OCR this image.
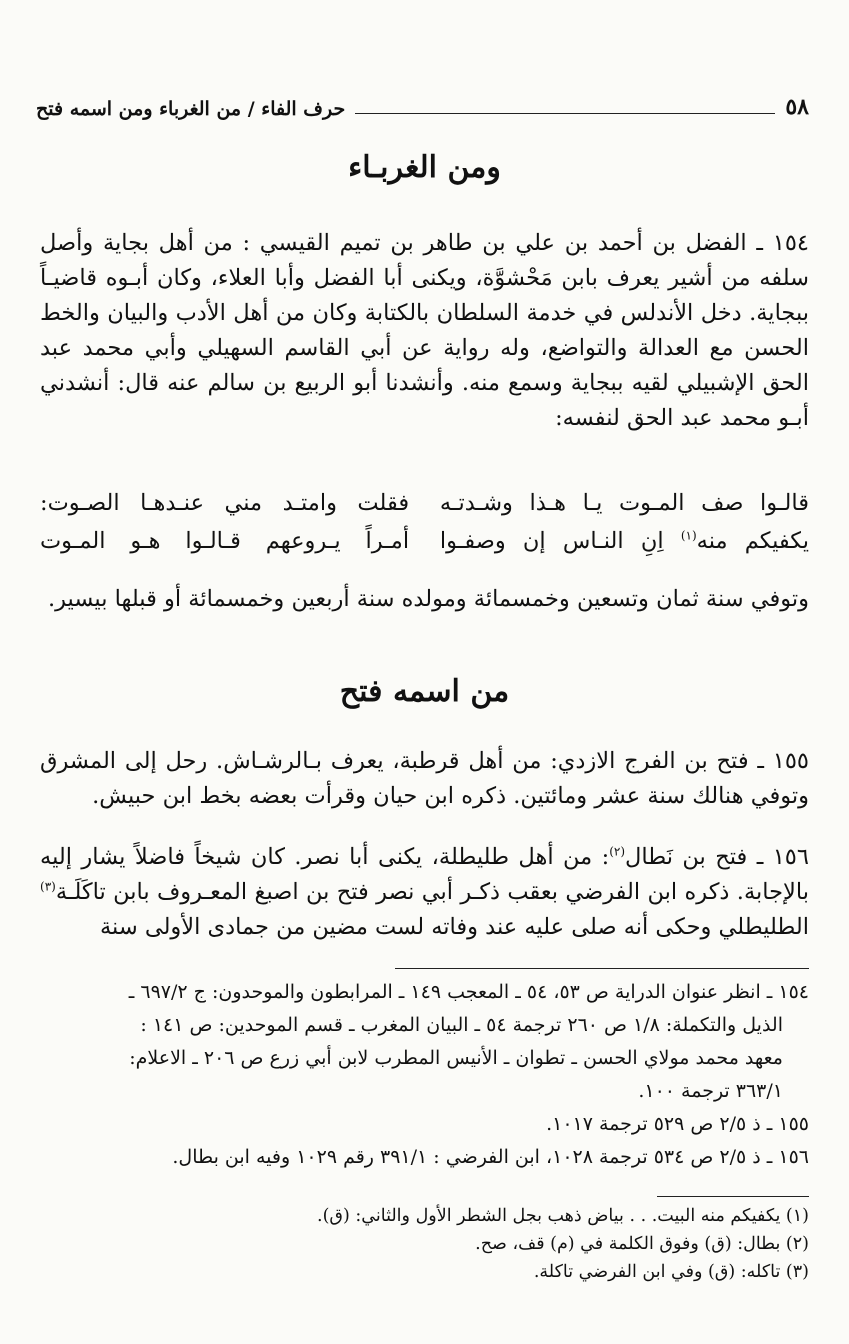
٥٨
حرف الفاء / من الغرباء ومن اسمه فتح
ومن الغربـاء

١٥٤ ـ الفضل بن أحمد بن علي بن طاهر بن تميم القيسي : من أهل بجاية وأصل سلفه من أشير يعرف بابن مَحْشوَّة، ويكنى أبا الفضل وأبا العلاء، وكان أبـوه قاضيـاً ببجاية. دخل الأندلس في خدمة السلطان بالكتابة وكان من أهل الأدب والبيان والخط الحسن مع العدالة والتواضع، وله رواية عن أبي القاسم السهيلي وأبي محمد عبد الحق الإشبيلي لقيه ببجاية وسمع منه. وأنشدنا أبو الربيع بن سالم عنه قال: أنشدني أبـو محمد عبد الحق لنفسه:

قالـوا صف المـوت يـا هـذا وشـدتـه
فقلت وامتـد مني عنـدهـا الصـوت:
يكفيكم منه$^{(١)}$ اِنِ النـاس إن وصفـوا
أمـراً يـروعهم قـالـوا هـو المـوت

وتوفي سنة ثمان وتسعين وخمسمائة ومولده سنة أربعين وخمسمائة أو قبلها بيسير.

من اسمه فتح

١٥٥ ـ فتح بن الفرج الازدي: من أهل قرطبة، يعرف بـالرشـاش. رحل إلى المشرق وتوفي هنالك سنة عشر ومائتين. ذكره ابن حيان وقرأت بعضه بخط ابن حبيش.

١٥٦ ـ فتح بن نَطال$^{(٢)}$: من أهل طليطلة، يكنى أبا نصر. كان شيخاً فاضلاً يشار إليه بالإجابة. ذكره ابن الفرضي بعقب ذكـر أبي نصر فتح بن اصبغ المعـروف بابن تاكَلَـة$^{(٣)}$ الطليطلي وحكى أنه صلى عليه عند وفاته لست مضين من جمادى الأولى سنة

١٥٤ ـ انظر عنوان الدراية ص ٥٣، ٥٤ ـ المعجب ١٤٩ ـ المرابطون والموحدون: ج ٦٩٧/٢ ـ
الذيل والتكملة: ١/٨ ص ٢٦٠ ترجمة ٥٤ ـ البيان المغرب ـ قسم الموحدين: ص ١٤١ :
معهد محمد مولاي الحسن ـ تطوان ـ الأنيس المطرب لابن أبي زرع ص ٢٠٦ ـ الاعلام:
٣٦٣/١ ترجمة ١٠٠.
١٥٥ ـ ذ ٢/٥ ص ٥٢٩ ترجمة ١٠١٧.
١٥٦ ـ ذ ٢/٥ ص ٥٣٤ ترجمة ١٠٢٨، ابن الفرضي : ٣٩١/١ رقم ١٠٢٩ وفيه ابن بطال.
(١) يكفيكم منه البيت. . . بياض ذهب بجل الشطر الأول والثاني: (ق).
(٢) بطال: (ق) وفوق الكلمة في (م) قف، صح.
(٣) تاكله: (ق) وفي ابن الفرضي تاكلة.
